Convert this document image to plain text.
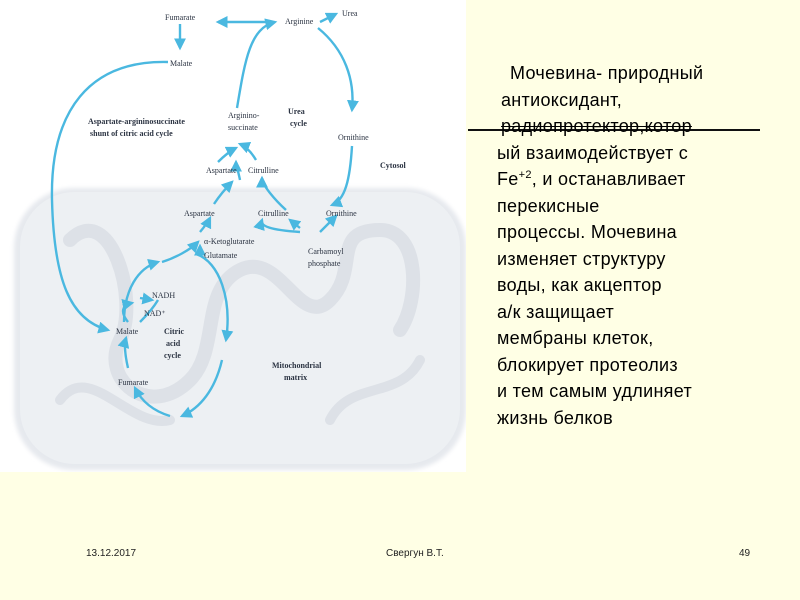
Fumarate	Arginine
Urea
Malate
Aspartate-argininosuccinate
shunt of citric acid cycle
Arginino-
succinate
Urea
cycle
Ornithine
Aspartate Citrulline
Cytosol
Aspartate	Citrulline	Ornithine
α-Ketoglutarate
Glutamate	Carbamoyl
phosphate
NADH
NAD⁺
Malate	Citric
acid
cycle
Fumarate
Mitochondrial
matrix
Мочевина- природный
антиоксидант,
радиопротектор,котор
ый взаимодействует с
$Fe^{+2}$, и останавливает
перекисные
процессы. Мочевина
изменяет структуру
воды, как акцептор
а/к защищает
мембраны клеток,
блокирует протеолиз
и тем самым удлиняет
жизнь белков
13.12.2017	Свергун В.Т.	49
